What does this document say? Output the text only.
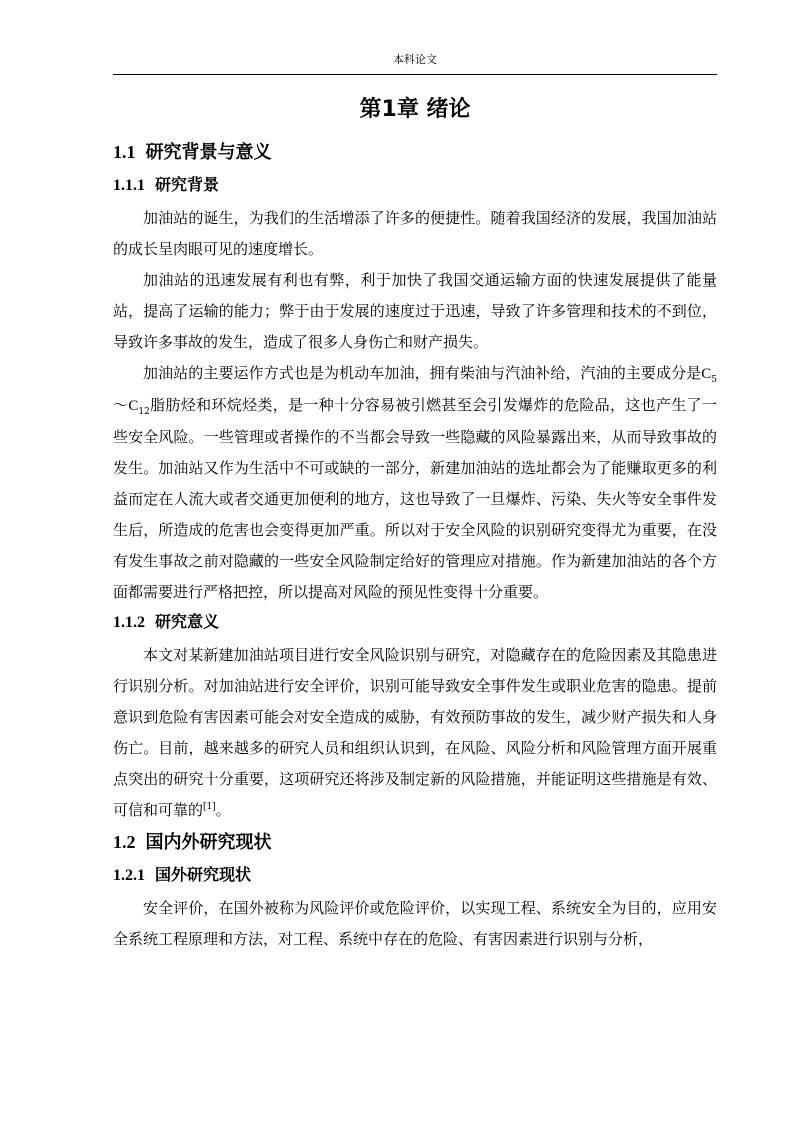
本科论文
第1章 绪论
1.1 研究背景与意义
1.1.1 研究背景

加油站的诞生，为我们的生活增添了许多的便捷性。随着我国经济的发展，我国加油站的成长呈肉眼可见的速度增长。

加油站的迅速发展有利也有弊，利于加快了我国交通运输方面的快速发展提供了能量站，提高了运输的能力；弊于由于发展的速度过于迅速，导致了许多管理和技术的不到位，导致许多事故的发生，造成了很多人身伤亡和财产损失。

加油站的主要运作方式也是为机动车加油，拥有柴油与汽油补给，汽油的主要成分是$C_5\sim C_{12}$脂肪烃和环烷烃类，是一种十分容易被引燃甚至会引发爆炸的危险品，这也产生了一些安全风险。一些管理或者操作的不当都会导致一些隐藏的风险暴露出来，从而导致事故的发生。加油站又作为生活中不可或缺的一部分，新建加油站的选址都会为了能赚取更多的利益而定在人流大或者交通更加便利的地方，这也导致了一旦爆炸、污染、失火等安全事件发生后，所造成的危害也会变得更加严重。所以对于安全风险的识别研究变得尤为重要，在没有发生事故之前对隐藏的一些安全风险制定给好的管理应对措施。作为新建加油站的各个方面都需要进行严格把控，所以提高对风险的预见性变得十分重要。

1.1.2 研究意义

本文对某新建加油站项目进行安全风险识别与研究，对隐藏存在的危险因素及其隐患进行识别分析。对加油站进行安全评价，识别可能导致安全事件发生或职业危害的隐患。提前意识到危险有害因素可能会对安全造成的威胁，有效预防事故的发生，减少财产损失和人身伤亡。目前，越来越多的研究人员和组织认识到，在风险、风险分析和风险管理方面开展重点突出的研究十分重要，这项研究还将涉及制定新的风险措施，并能证明这些措施是有效、可信和可靠的[1]。

1.2 国内外研究现状
1.2.1 国外研究现状

安全评价，在国外被称为风险评价或危险评价，以实现工程、系统安全为目的，应用安全系统工程原理和方法，对工程、系统中存在的危险、有害因素进行识别与分析，
